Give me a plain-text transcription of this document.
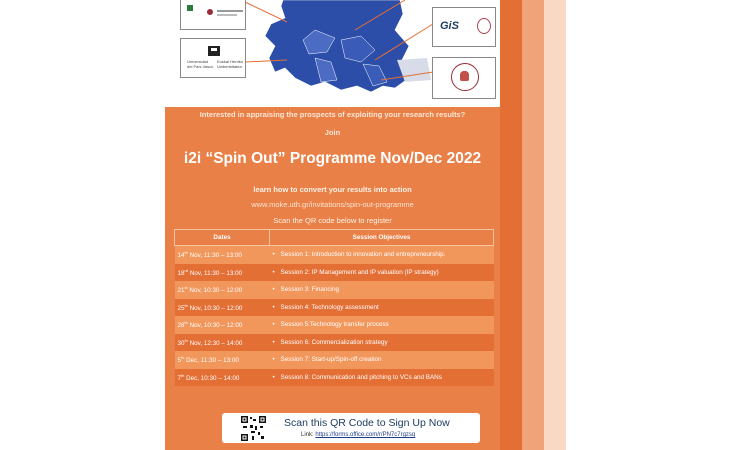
Universidad
del País Vasco
Euskal Herriko
Unibertsitatea
GiS
Interested in appraising the prospects of exploiting your research results?
Join
i2i “Spin Out” Programme Nov/Dec 2022
learn how to convert your results into action
www.moke.uth.gr/invitations/spin-out-programme
Scan the QR code below to register
Dates	Session Objectives
14th Nov, 11:30 – 13:00	• Session 1: Introduction to innovation and entrepreneurship.
18rd Nov, 11:30 – 13:00	• Session 2: IP Management and IP valuation (IP strategy)
21st Nov, 10:30 – 12:00	• Session 3: Financing
25th Nov, 10:30 – 12:00	• Session 4: Technology assessment
28th Nov, 10:30 – 12:00	• Session 5:Technology transfer process
30th Nov, 12:30 – 14:00	• Session 6: Commercialization strategy
5th Dec, 11:30 – 13:00	• Session 7: Start-up/Spin-off creation
7th Dec, 10:30 – 14:00	• Session 8: Communication and pitching to VCs and BANs
Scan this QR Code to Sign Up Now
Link: https://forms.office.com/r/PN7c7rgzsq
